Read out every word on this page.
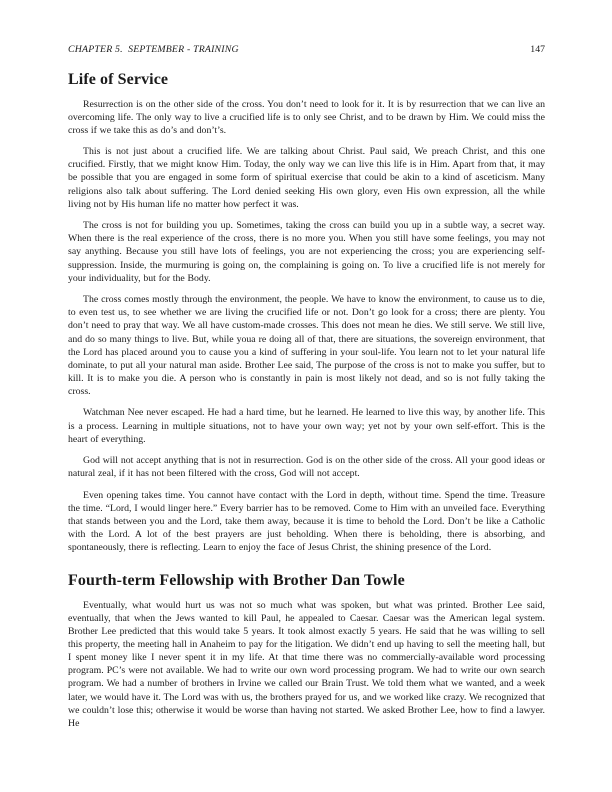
CHAPTER 5.  SEPTEMBER - TRAINING	147
Life of Service

Resurrection is on the other side of the cross. You don’t need to look for it. It is by resurrection that we can live an overcoming life. The only way to live a crucified life is to only see Christ, and to be drawn by Him. We could miss the cross if we take this as do’s and don’t’s.

This is not just about a crucified life. We are talking about Christ. Paul said, We preach Christ, and this one crucified. Firstly, that we might know Him. Today, the only way we can live this life is in Him. Apart from that, it may be possible that you are engaged in some form of spiritual exercise that could be akin to a kind of asceticism. Many religions also talk about suffering. The Lord denied seeking His own glory, even His own expression, all the while living not by His human life no matter how perfect it was.

The cross is not for building you up. Sometimes, taking the cross can build you up in a subtle way, a secret way. When there is the real experience of the cross, there is no more you. When you still have some feelings, you may not say anything. Because you still have lots of feelings, you are not experiencing the cross; you are experiencing self-suppression. Inside, the murmuring is going on, the complaining is going on. To live a crucified life is not merely for your individuality, but for the Body.

The cross comes mostly through the environment, the people. We have to know the environment, to cause us to die, to even test us, to see whether we are living the crucified life or not. Don’t go look for a cross; there are plenty. You don’t need to pray that way. We all have custom-made crosses. This does not mean he dies. We still serve. We still live, and do so many things to live. But, while youa re doing all of that, there are situations, the sovereign environment, that the Lord has placed around you to cause you a kind of suffering in your soul-life. You learn not to let your natural life dominate, to put all your natural man aside. Brother Lee said, The purpose of the cross is not to make you suffer, but to kill. It is to make you die. A person who is constantly in pain is most likely not dead, and so is not fully taking the cross.

Watchman Nee never escaped. He had a hard time, but he learned. He learned to live this way, by another life. This is a process. Learning in multiple situations, not to have your own way; yet not by your own self-effort. This is the heart of everything.

God will not accept anything that is not in resurrection. God is on the other side of the cross. All your good ideas or natural zeal, if it has not been filtered with the cross, God will not accept.

Even opening takes time. You cannot have contact with the Lord in depth, without time. Spend the time. Treasure the time. “Lord, I would linger here.” Every barrier has to be removed. Come to Him with an unveiled face. Everything that stands between you and the Lord, take them away, because it is time to behold the Lord. Don’t be like a Catholic with the Lord. A lot of the best prayers are just beholding. When there is beholding, there is absorbing, and spontaneously, there is reflecting. Learn to enjoy the face of Jesus Christ, the shining presence of the Lord.

Fourth-term Fellowship with Brother Dan Towle

Eventually, what would hurt us was not so much what was spoken, but what was printed. Brother Lee said, eventually, that when the Jews wanted to kill Paul, he appealed to Caesar. Caesar was the American legal system. Brother Lee predicted that this would take 5 years. It took almost exactly 5 years. He said that he was willing to sell this property, the meeting hall in Anaheim to pay for the litigation. We didn’t end up having to sell the meeting hall, but I spent money like I never spent it in my life. At that time there was no commercially-available word processing program. PC’s were not available. We had to write our own word processing program. We had to write our own search program. We had a number of brothers in Irvine we called our Brain Trust. We told them what we wanted, and a week later, we would have it. The Lord was with us, the brothers prayed for us, and we worked like crazy. We recognized that we couldn’t lose this; otherwise it would be worse than having not started. We asked Brother Lee, how to find a lawyer. He
